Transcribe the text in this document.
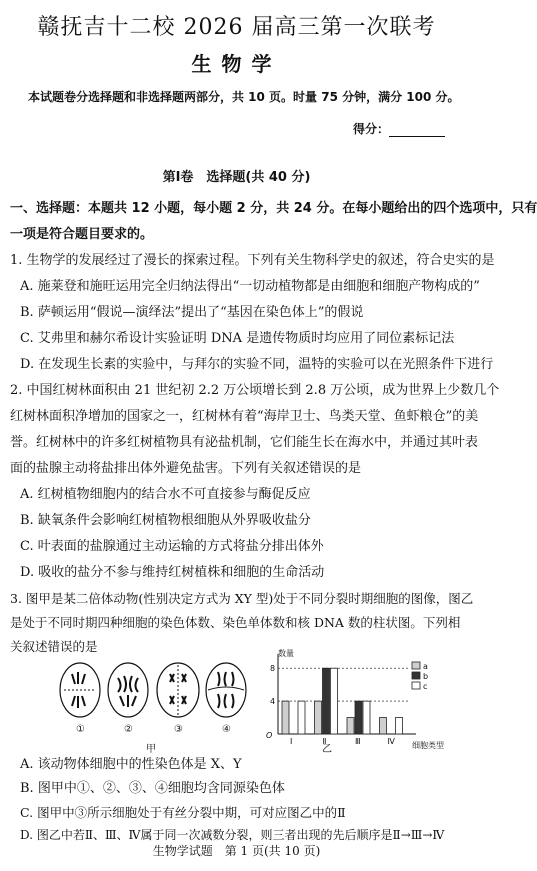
赣抚吉十二校 2026 届高三第一次联考
生物学
本试题卷分选择题和非选择题两部分，共 10 页。时量 75 分钟，满分 100 分。
得分：
第Ⅰ卷　选择题(共 40 分)
一、选择题：本题共 12 小题，每小题 2 分，共 24 分。在每小题给出的四个选项中，只有
一项是符合题目要求的。
1. 生物学的发展经过了漫长的探索过程。下列有关生物科学史的叙述，符合史实的是
A. 施莱登和施旺运用完全归纳法得出“一切动植物都是由细胞和细胞产物构成的”
B. 萨顿运用“假说—演绎法”提出了“基因在染色体上”的假说
C. 艾弗里和赫尔希设计实验证明 DNA 是遗传物质时均应用了同位素标记法
D. 在发现生长素的实验中，与拜尔的实验不同，温特的实验可以在光照条件下进行
2. 中国红树林面积由 21 世纪初 2.2 万公顷增长到 2.8 万公顷，成为世界上少数几个
红树林面积净增加的国家之一，红树林有着“海岸卫士、鸟类天堂、鱼虾粮仓”的美
誉。红树林中的许多红树植物具有泌盐机制，它们能生长在海水中，并通过其叶表
面的盐腺主动将盐排出体外避免盐害。下列有关叙述错误的是
A. 红树植物细胞内的结合水不可直接参与酶促反应
B. 缺氧条件会影响红树植物根细胞从外界吸收盐分
C. 叶表面的盐腺通过主动运输的方式将盐分排出体外
D. 吸收的盐分不参与维持红树植株和细胞的生命活动
3. 图甲是某二倍体动物(性别决定方式为 XY 型)处于不同分裂时期细胞的图像，图乙
是处于不同时期四种细胞的染色体数、染色单体数和核 DNA 数的柱状图。下列相
关叙述错误的是
①	②	③	④
甲
数量
O
4
8
Ⅰ	Ⅱ	Ⅲ	Ⅳ
a
b
c
细胞类型
乙
A. 该动物体细胞中的性染色体是 X、Y
B. 图甲中①、②、③、④细胞均含同源染色体
C. 图甲中③所示细胞处于有丝分裂中期，可对应图乙中的Ⅱ
D. 图乙中若Ⅱ、Ⅲ、Ⅳ属于同一次减数分裂，则三者出现的先后顺序是Ⅱ→Ⅲ→Ⅳ
生物学试题　第 1 页(共 10 页)
